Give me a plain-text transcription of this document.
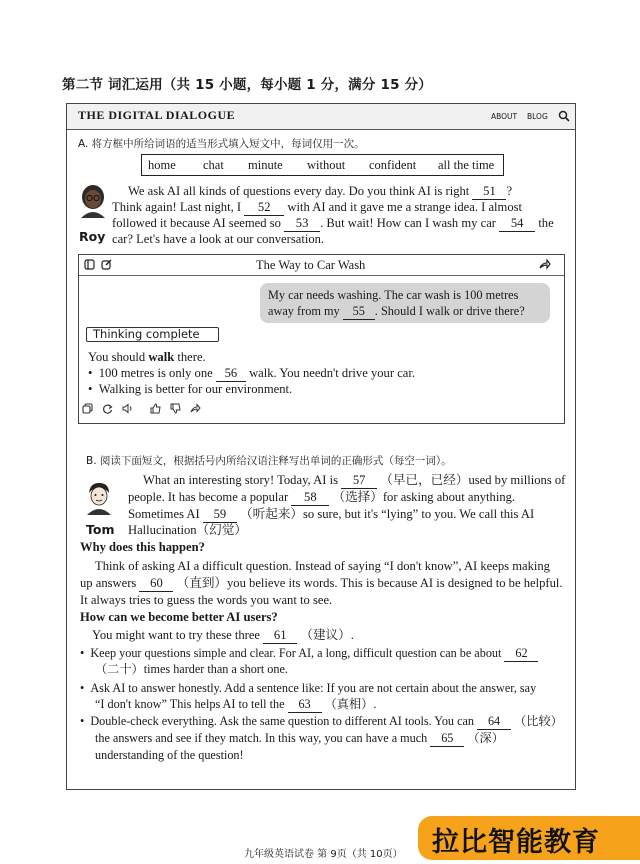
第二节 词汇运用（共 15 小题，每小题 1 分，满分 15 分）
THE DIGITAL DIALOGUE	ABOUT BLOG
A. 将方框中所给词语的适当形式填入短文中，每词仅用一次。
home chat minute without confident all the time
Roy
We ask AI all kinds of questions every day. Do you think AI is right 51 ?
Think again! Last night, I 52 with AI and it gave me a strange idea. I almost
followed it because AI seemed so 53 . But wait! How can I wash my car 54 the
car? Let's have a look at our conversation.
The Way to Car Wash
My car needs washing. The car wash is 100 metres
away from my 55 . Should I walk or drive there?
Thinking complete
You should walk there.
•  100 metres is only one 56 walk. You needn't drive your car.
•  Walking is better for our environment.
B. 阅读下面短文，根据括号内所给汉语注释写出单词的正确形式（每空一词）。
Tom
What an interesting story! Today, AI is 57 （早已，已经）used by millions of
people. It has become a popular 58 （选择）for asking about anything.
Sometimes AI 59 （听起来）so sure, but it's “lying” to you. We call this AI
Hallucination（幻觉）
Why does this happen?
Think of asking AI a difficult question. Instead of saying “I don't know”, AI keeps making
up answers 60 （直到）you believe its words. This is because AI is designed to be helpful.
It always tries to guess the words you want to see.
How can we become better AI users?
You might want to try these three 61 （建议）.
•  Keep your questions simple and clear. For AI, a long, difficult question can be about 62
（二十）times harder than a short one.
•  Ask AI to answer honestly. Add a sentence like: If you are not certain about the answer, say
“I don't know” This helps AI to tell the 63 （真相）.
•  Double-check everything. Ask the same question to different AI tools. You can 64 （比较）
the answers and see if they match. In this way, you can have a much 65 （深）
understanding of the question!
九年级英语试卷 第 9页（共 10页） 拉比智能教育
